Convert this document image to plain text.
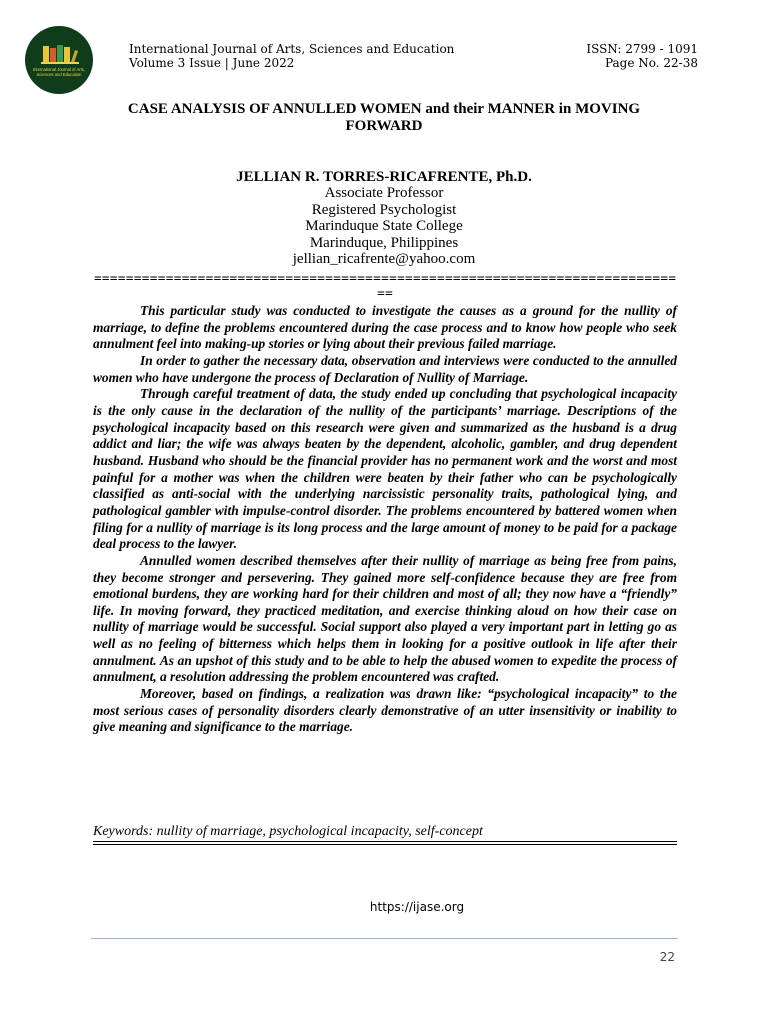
International Journal of Arts, Sciences and Education
International Journal of Arts, Sciences and Education
Volume 3 Issue | June 2022
ISSN: 2799 - 1091
Page No. 22-38
CASE ANALYSIS OF ANNULLED WOMEN and their MANNER in MOVING FORWARD
JELLIAN R. TORRES-RICAFRENTE, Ph.D.
Associate Professor
Registered Psychologist
Marinduque State College
Marinduque, Philippines
jellian_ricafrente@yahoo.com
===========================================================================

This particular study was conducted to investigate the causes as a ground for the nullity of marriage, to define the problems encountered during the case process and to know how people who seek annulment feel into making-up stories or lying about their previous failed marriage.

In order to gather the necessary data, observation and interviews were conducted to the annulled women who have undergone the process of Declaration of Nullity of Marriage.

Through careful treatment of data, the study ended up concluding that psychological incapacity is the only cause in the declaration of the nullity of the participants’ marriage. Descriptions of the psychological incapacity based on this research were given and summarized as the husband is a drug addict and liar; the wife was always beaten by the dependent, alcoholic, gambler, and drug dependent husband. Husband who should be the financial provider has no permanent work and the worst and most painful for a mother was when the children were beaten by their father who can be psychologically classified as anti-social with the underlying narcissistic personality traits, pathological lying, and pathological gambler with impulse-control disorder. The problems encountered by battered women when filing for a nullity of marriage is its long process and the large amount of money to be paid for a package deal process to the lawyer.

Annulled women described themselves after their nullity of marriage as being free from pains, they become stronger and persevering. They gained more self-confidence because they are free from emotional burdens, they are working hard for their children and most of all; they now have a “friendly” life. In moving forward, they practiced meditation, and exercise thinking aloud on how their case on nullity of marriage would be successful. Social support also played a very important part in letting go as well as no feeling of bitterness which helps them in looking for a positive outlook in life after their annulment. As an upshot of this study and to be able to help the abused women to expedite the process of annulment, a resolution addressing the problem encountered was crafted.

Moreover, based on findings, a realization was drawn like: “psychological incapacity” to the most serious cases of personality disorders clearly demonstrative of an utter insensitivity or inability to give meaning and significance to the marriage.

Keywords: nullity of marriage, psychological incapacity, self-concept
https://ijase.org
22
